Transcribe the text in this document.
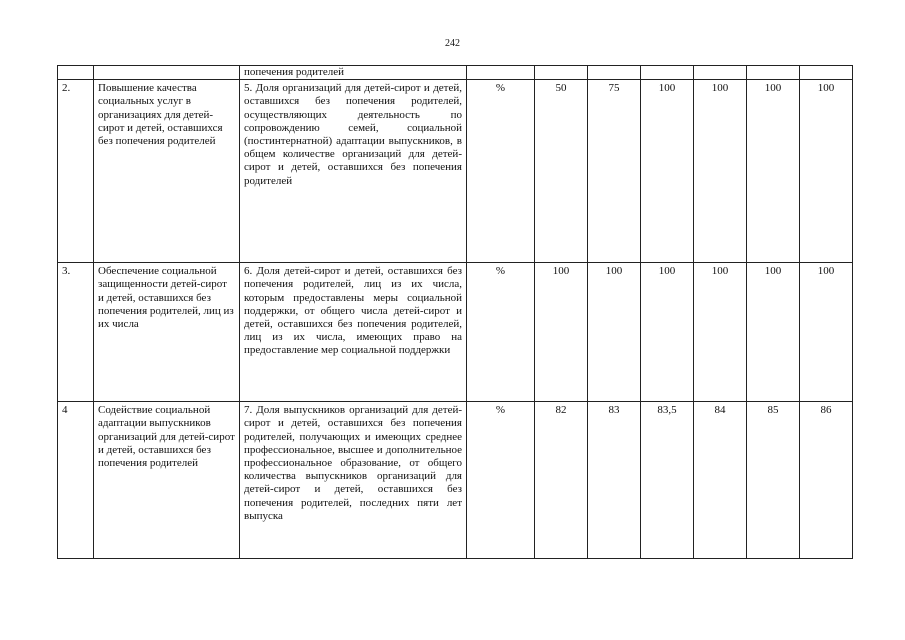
242
		попечения родителей							
2.	Повышение качества социальных услуг в организациях для детей-сирот и детей, оставшихся без попечения родителей	5. Доля организаций для детей-сирот и детей, оставшихся без попечения родителей, осуществляющих деятельность по сопровождению семей, социальной (постинтернатной) адаптации выпускников, в общем количестве организаций для детей-сирот и детей, оставшихся без попечения родителей	%	50	75	100	100	100	100
3.	Обеспечение социальной защищенности детей-сирот и детей, оставшихся без попечения родителей, лиц из их числа	6. Доля детей-сирот и детей, оставшихся без попечения родителей, лиц из их числа, которым предоставлены меры социальной поддержки, от общего числа детей-сирот и детей, оставшихся без попечения родителей, лиц из их числа, имеющих право на предоставление мер социальной поддержки	%	100	100	100	100	100	100
4	Содействие социальной адаптации выпускников организаций для детей-сирот и детей, оставшихся без попечения родителей	7. Доля выпускников организаций для детей-сирот и детей, оставшихся без попечения родителей, получающих и имеющих среднее профессиональное, высшее и дополнительное профессиональное образование, от общего количества выпускников организаций для детей-сирот и детей, оставшихся без попечения родителей, последних пяти лет выпуска	%	82	83	83,5	84	85	86
